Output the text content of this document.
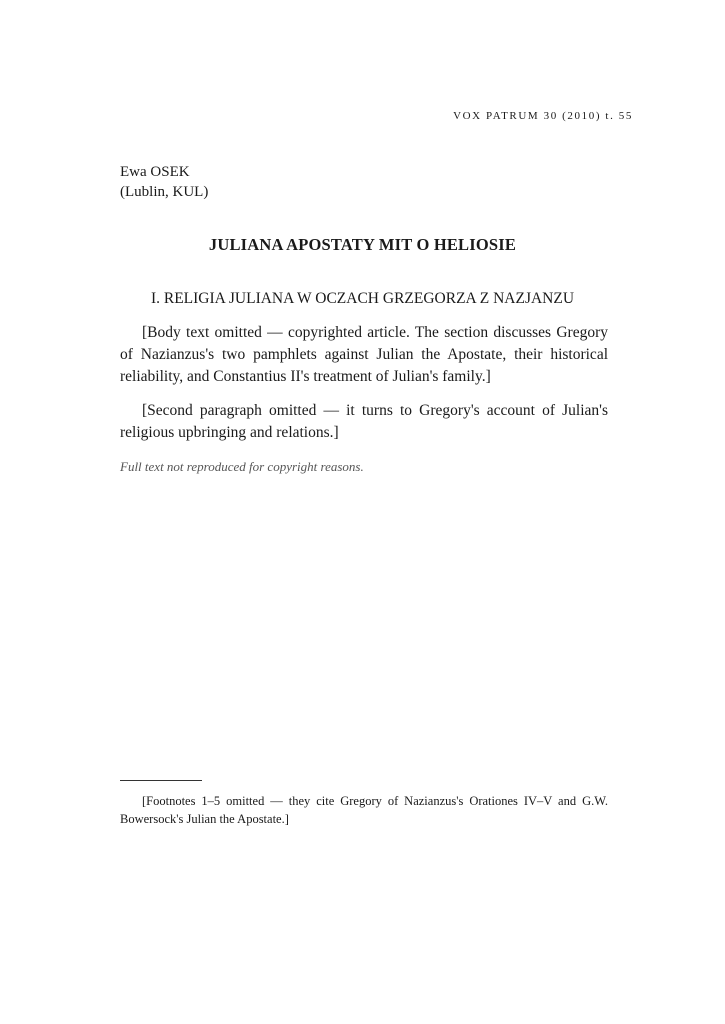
VOX PATRUM 30 (2010) t. 55
Ewa OSEK
(Lublin, KUL)
JULIANA APOSTATY MIT O HELIOSIE
I. RELIGIA JULIANA W OCZACH GRZEGORZA Z NAZJANZU

[Body text omitted — copyrighted article. The section discusses Gregory of Nazianzus's two pamphlets against Julian the Apostate, their historical reliability, and Constantius II's treatment of Julian's family.]

[Second paragraph omitted — it turns to Gregory's account of Julian's religious upbringing and relations.]

Full text not reproduced for copyright reasons.

[Footnotes 1–5 omitted — they cite Gregory of Nazianzus's Orationes IV–V and G.W. Bowersock's Julian the Apostate.]
